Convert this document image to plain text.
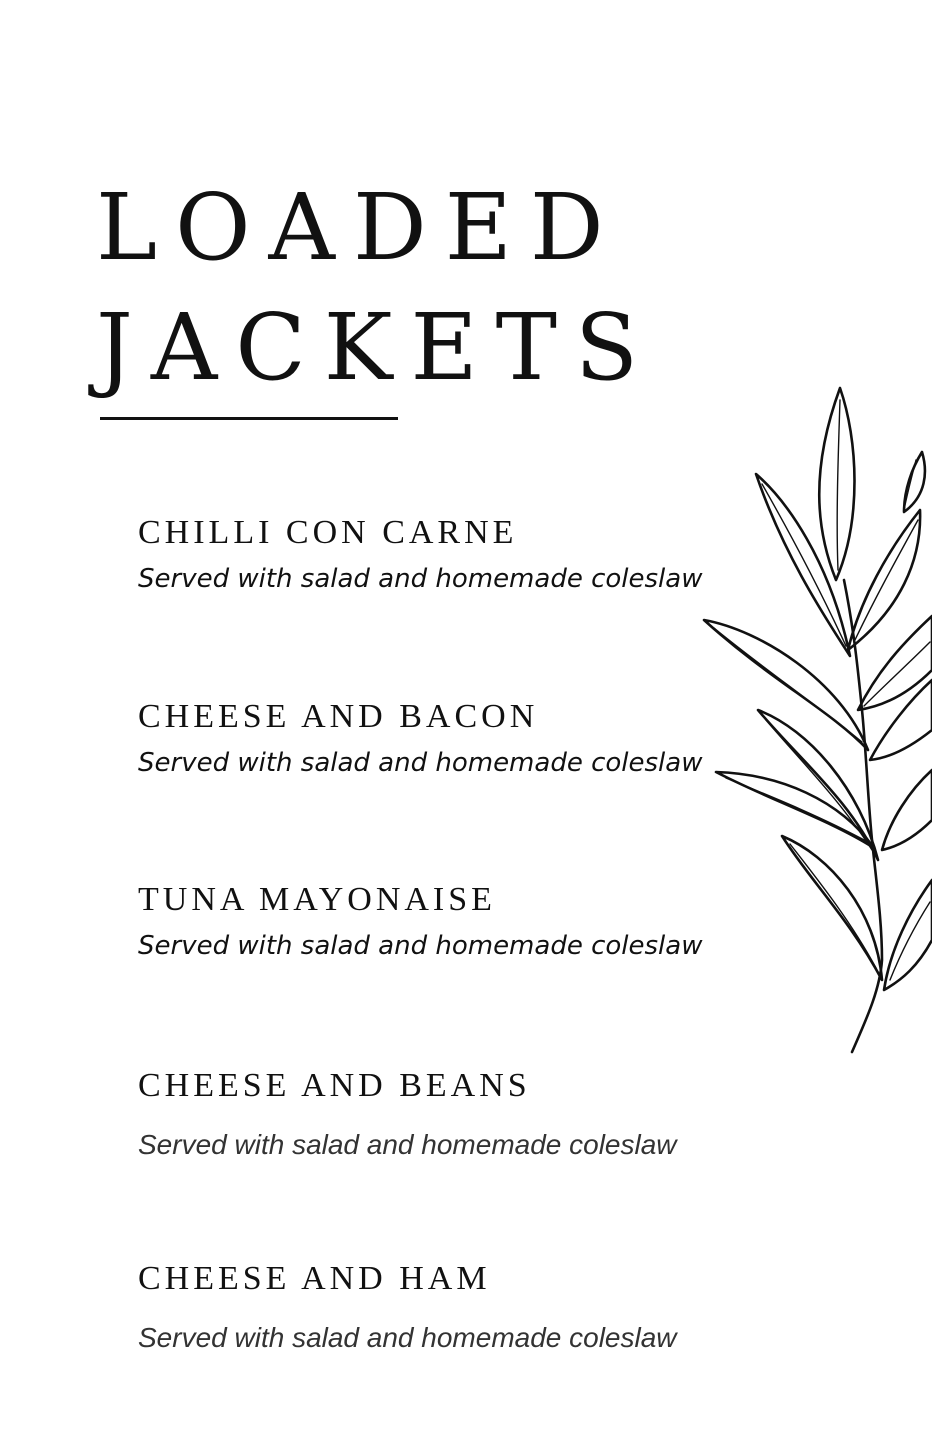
LOADED
JACKETS

CHILLI CON CARNE

Served with salad and homemade coleslaw

CHEESE AND BACON

Served with salad and homemade coleslaw

TUNA MAYONAISE

Served with salad and homemade coleslaw

CHEESE AND BEANS

Served with salad and homemade coleslaw

CHEESE AND HAM

Served with salad and homemade coleslaw
